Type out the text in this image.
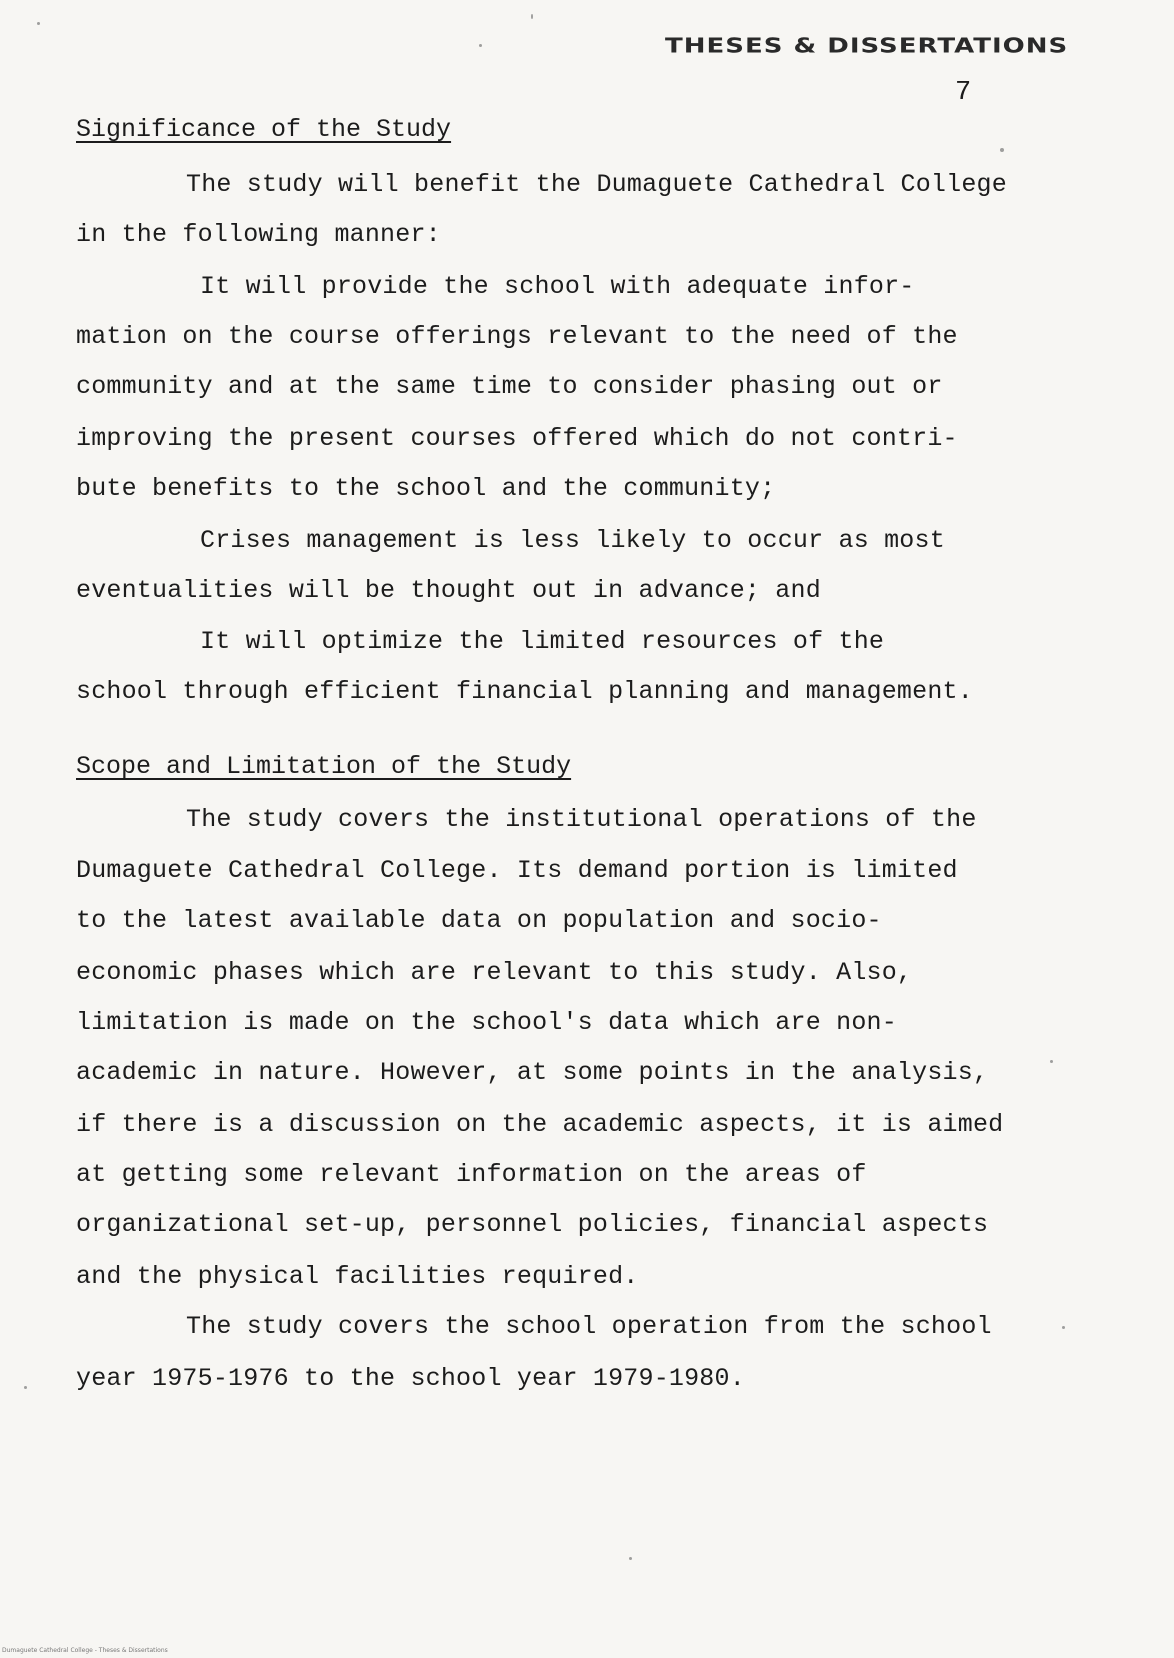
THESES & DISSERTATIONS
7
Significance of the Study
The study will benefit the Dumaguete Cathedral College
in the following manner:
It will provide the school with adequate infor-
mation on the course offerings relevant to the need of the
community and at the same time to consider phasing out or
improving the present courses offered which do not contri-
bute benefits to the school and the community;
Crises management is less likely to occur as most
eventualities will be thought out in advance; and
It will optimize the limited resources of the
school through efficient financial planning and management.
Scope and Limitation of the Study
The study covers the institutional operations of the
Dumaguete Cathedral College. Its demand portion is limited
to the latest available data on population and socio-
economic phases which are relevant to this study. Also,
limitation is made on the school's data which are non-
academic in nature. However, at some points in the analysis,
if there is a discussion on the academic aspects, it is aimed
at getting some relevant information on the areas of
organizational set-up, personnel policies, financial aspects
and the physical facilities required.
The study covers the school operation from the school
year 1975-1976 to the school year 1979-1980.
Dumaguete Cathedral College - Theses & Dissertations
